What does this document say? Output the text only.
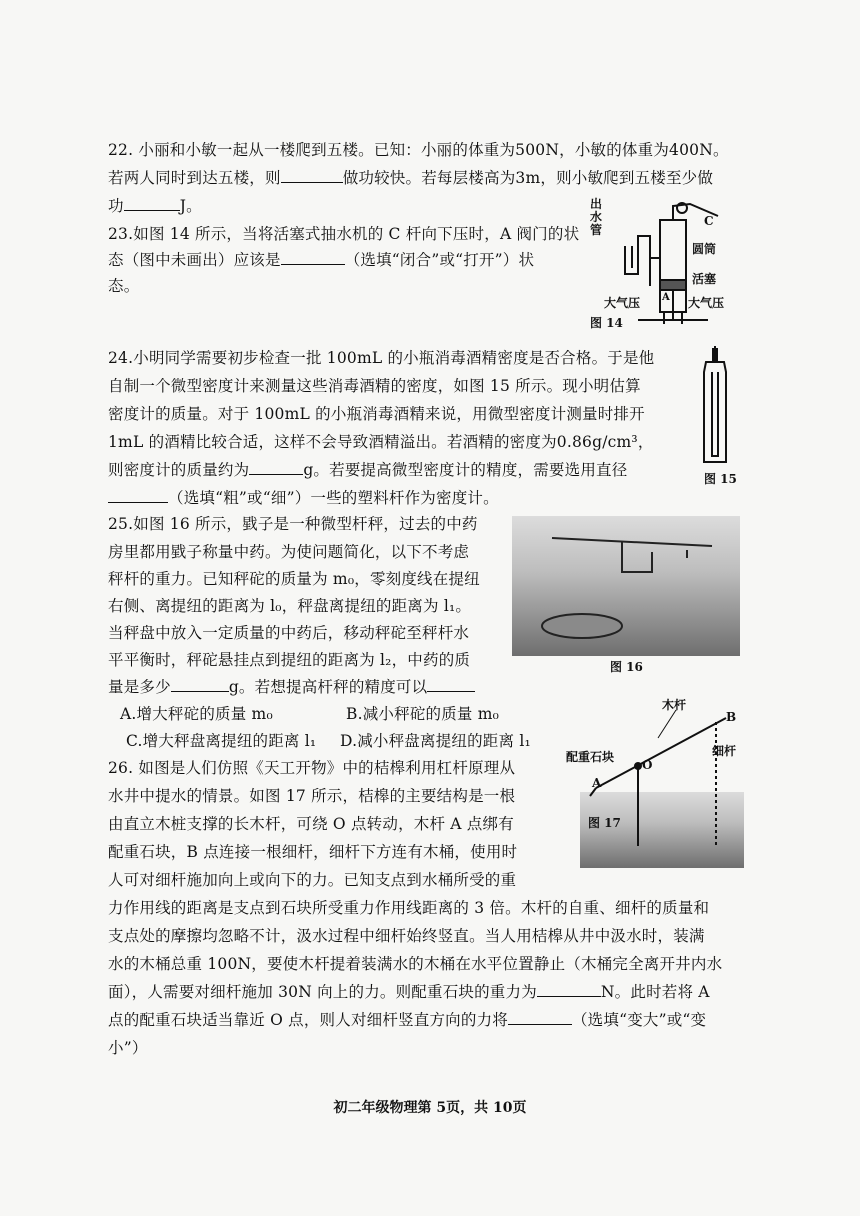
22. 小丽和小敏一起从一楼爬到五楼。已知：小丽的体重为500N，小敏的体重为400N。
若两人同时到达五楼，则	做功较快。若每层楼高为3m，则小敏爬到五楼至少做
功	J。
23.如图 14 所示，当将活塞式抽水机的 C 杆向下压时，A 阀门的状
态（图中未画出）应该是	（选填“闭合”或“打开”）状
态。
出水管
C
圆筒
活塞
大气压	大气压
A
图 14
24.小明同学需要初步检查一批 100mL 的小瓶消毒酒精密度是否合格。于是他
自制一个微型密度计来测量这些消毒酒精的密度，如图 15 所示。现小明估算
密度计的质量。对于 100mL 的小瓶消毒酒精来说，用微型密度计测量时排开
1mL 的酒精比较合适，这样不会导致酒精溢出。若酒精的密度为0.86g/cm³，
则密度计的质量约为	g。若要提高微型密度计的精度，需要选用直径
（选填“粗”或“细”）一些的塑料杆作为密度计。
图 15
25.如图 16 所示，戥子是一种微型杆秤，过去的中药
房里都用戥子称量中药。为使问题简化，以下不考虑
秤杆的重力。已知秤砣的质量为 m₀，零刻度线在提纽
右侧、离提纽的距离为 l₀，秤盘离提纽的距离为 l₁。
当秤盘中放入一定质量的中药后，移动秤砣至秤杆水
平平衡时，秤砣悬挂点到提纽的距离为 l₂，中药的质
量是多少	g。若想提高杆秤的精度可以
A.增大秤砣的质量 m₀	B.减小秤砣的质量 m₀
C.增大秤盘离提纽的距离 l₁ D.减小秤盘离提纽的距离 l₁
图 16
26. 如图是人们仿照《天工开物》中的桔槔利用杠杆原理从
水井中提水的情景。如图 17 所示，桔槔的主要结构是一根
由直立木桩支撑的长木杆，可绕 O 点转动，木杆 A 点绑有
配重石块，B 点连接一根细杆，细杆下方连有木桶，使用时
人可对细杆施加向上或向下的力。已知支点到水桶所受的重
力作用线的距离是支点到石块所受重力作用线距离的 3 倍。木杆的自重、细杆的质量和
支点处的摩擦均忽略不计，汲水过程中细杆始终竖直。当人用桔槔从井中汲水时，装满
水的木桶总重 100N，要使木杆提着装满水的木桶在水平位置静止（木桶完全离开井内水
面），人需要对细杆施加 30N 向上的力。则配重石块的重力为	N。此时若将 A
点的配重石块适当靠近 O 点，则人对细杆竖直方向的力将	（选填“变大”或“变
小”）
木杆
配重石块	细杆
B
O
A
图 17
初二年级物理第 5页，共 10页
